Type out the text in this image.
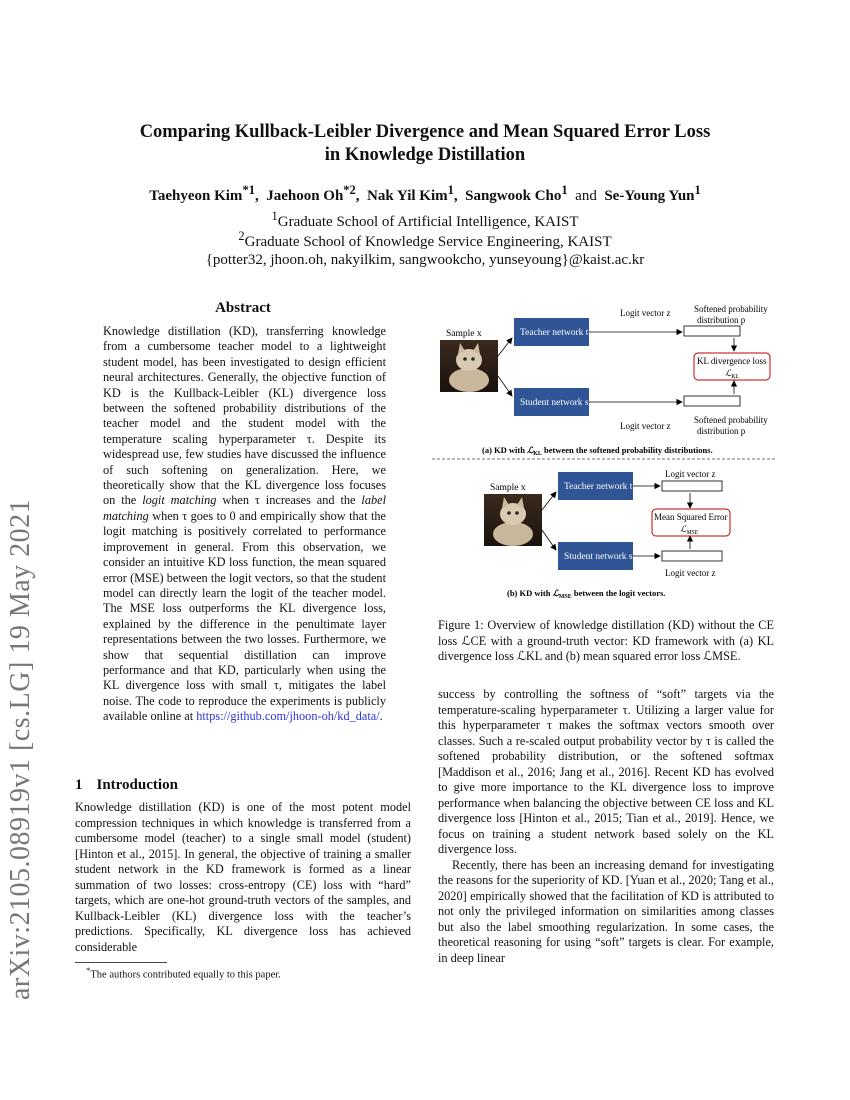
Comparing Kullback-Leibler Divergence and Mean Squared Error Loss
in Knowledge Distillation
Taehyeon Kim$^{*1}$,  Jaehoon Oh$^{*2}$,  Nak Yil Kim$^1$,  Sangwook Cho$^1$ and Se-Young Yun$^1$
$^1$Graduate School of Artificial Intelligence, KAIST
$^2$Graduate School of Knowledge Service Engineering, KAIST
{potter32, jhoon.oh, nakyilkim, sangwookcho, yunseyoung}@kaist.ac.kr
arXiv:2105.08919v1 [cs.LG] 19 May 2021
Abstract
Knowledge distillation (KD), transferring knowledge from a cumbersome teacher model to a lightweight student model, has been investigated to design efficient neural architectures. Generally, the objective function of KD is the Kullback-Leibler (KL) divergence loss between the softened probability distributions of the teacher model and the student model with the temperature scaling hyperparameter τ. Despite its widespread use, few studies have discussed the influence of such softening on generalization. Here, we theoretically show that the KL divergence loss focuses on the logit matching when τ increases and the label matching when τ goes to 0 and empirically show that the logit matching is positively correlated to performance improvement in general. From this observation, we consider an intuitive KD loss function, the mean squared error (MSE) between the logit vectors, so that the student model can directly learn the logit of the teacher model. The MSE loss outperforms the KL divergence loss, explained by the difference in the penultimate layer representations between the two losses. Furthermore, we show that sequential distillation can improve performance and that KD, particularly when using the KL divergence loss with small τ, mitigates the label noise. The code to reproduce the experiments is publicly available online at https://github.com/jhoon-oh/kd_data/.
1 Introduction
Knowledge distillation (KD) is one of the most potent model compression techniques in which knowledge is transferred from a cumbersome model (teacher) to a single small model (student) [Hinton et al., 2015]. In general, the objective of training a smaller student network in the KD framework is formed as a linear summation of two losses: cross-entropy (CE) loss with “hard” targets, which are one-hot ground-truth vectors of the samples, and Kullback-Leibler (KL) divergence loss with the teacher’s predictions. Specifically, KL divergence loss has achieved considerable
*The authors contributed equally to this paper.
Sample x	Teacher network t
Student network s
Logit vector z
Logit vector z
Softened probability
distribution p
Softened probability
distribution p
KL divergence loss
ℒ$_{KL}$
(a) KD with ℒ$_{KL}$ between the softened probability distributions.
Sample x	Teacher network t
Student network s
Logit vector z
Logit vector z
Mean Squared Error
ℒ$_{MSE}$
(b) KD with ℒ$_{MSE}$ between the logit vectors.
Figure 1: Overview of knowledge distillation (KD) without the CE loss ℒCE with a ground-truth vector: KD framework with (a) KL divergence loss ℒKL and (b) mean squared error loss ℒMSE.

success by controlling the softness of “soft” targets via the temperature-scaling hyperparameter τ. Utilizing a larger value for this hyperparameter τ makes the softmax vectors smooth over classes. Such a re-scaled output probability vector by τ is called the softened probability distribution, or the softened softmax [Maddison et al., 2016; Jang et al., 2016]. Recent KD has evolved to give more importance to the KL divergence loss to improve performance when balancing the objective between CE loss and KL divergence loss [Hinton et al., 2015; Tian et al., 2019]. Hence, we focus on training a student network based solely on the KL divergence loss.

Recently, there has been an increasing demand for investigating the reasons for the superiority of KD. [Yuan et al., 2020; Tang et al., 2020] empirically showed that the facilitation of KD is attributed to not only the privileged information on similarities among classes but also the label smoothing regularization. In some cases, the theoretical reasoning for using “soft” targets is clear. For example, in deep linear
